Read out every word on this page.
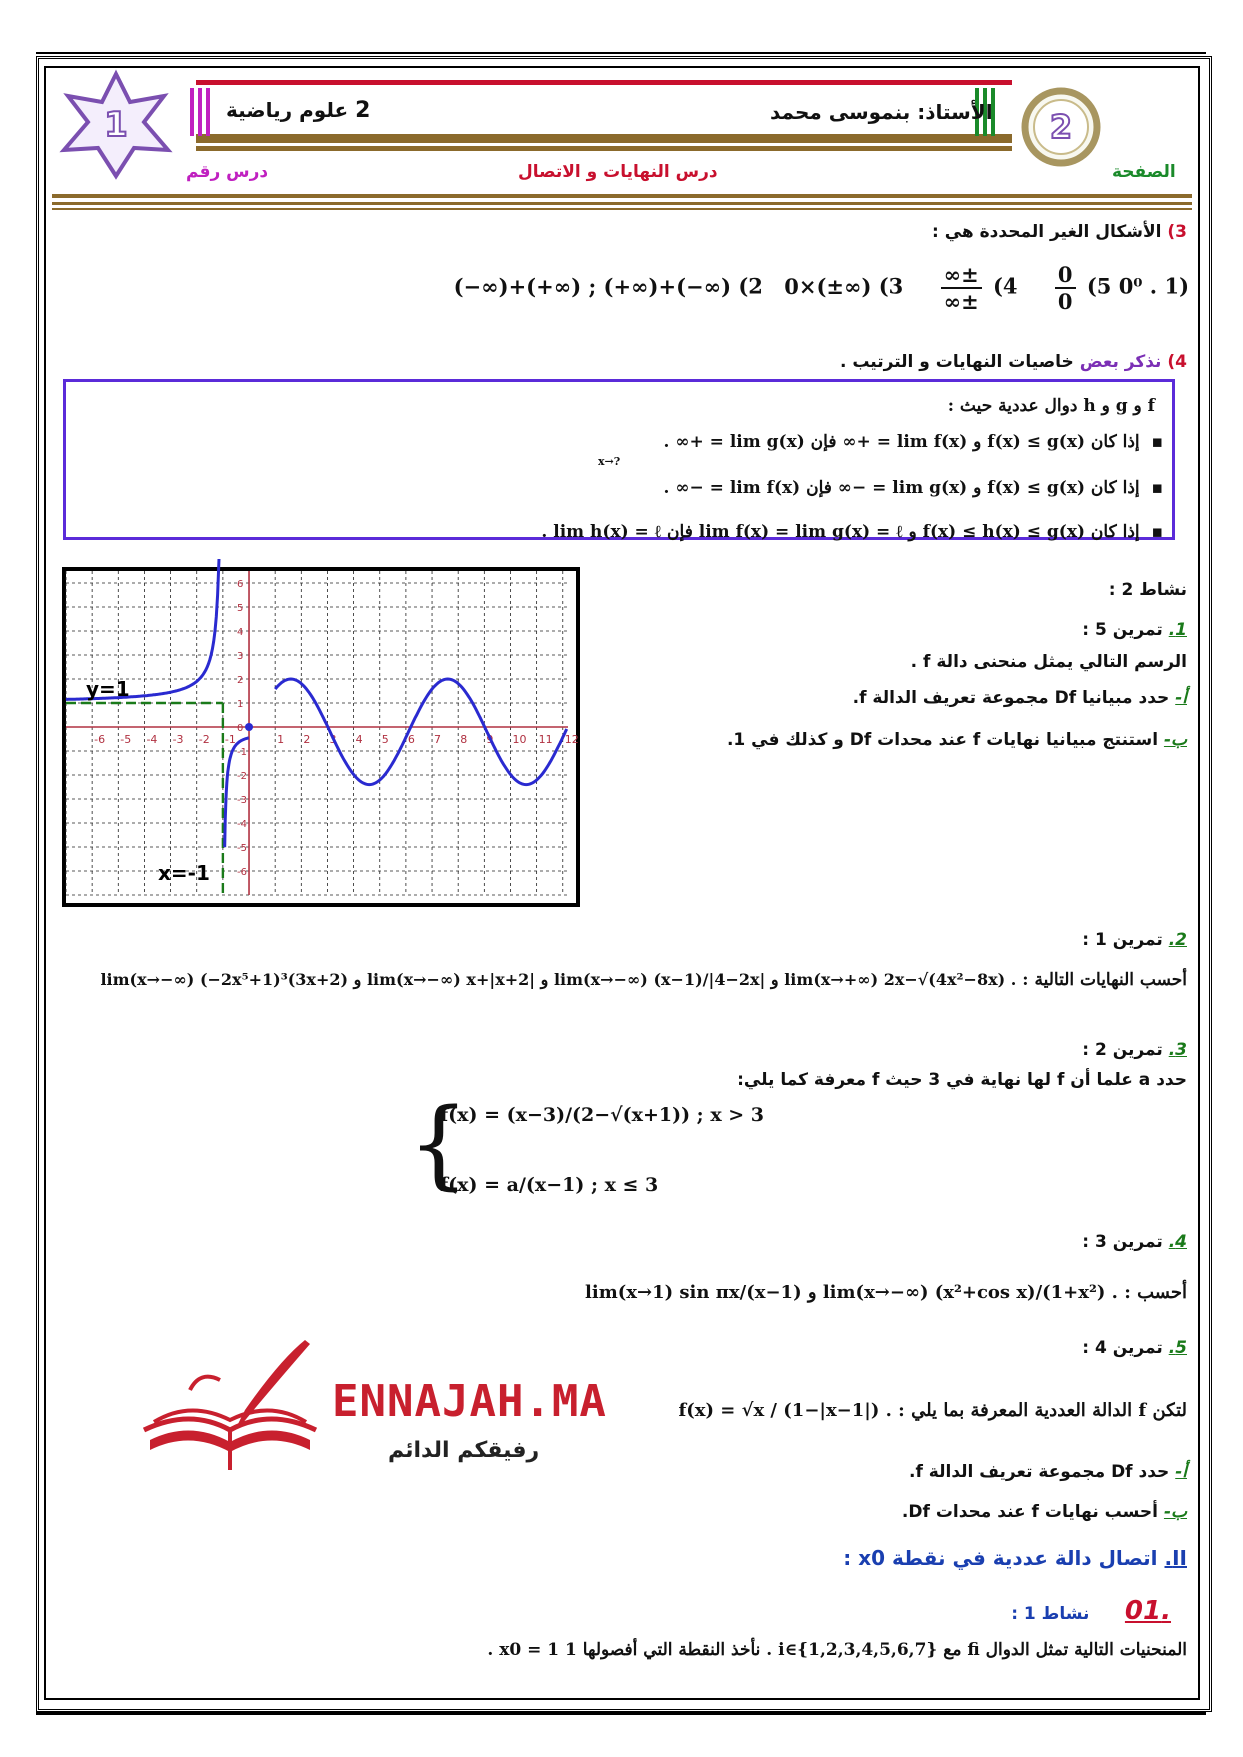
1	2
2 علوم رياضية	الأستاذ: بنموسى محمد
درس رقم	درس النهايات و الاتصال	الصفحة
3) الأشكال الغير المحددة هي :
(1 (−∞)+(+∞) ; (+∞)+(−∞) (2 0×(±∞) ($3 \frac{\pm\infty}{\pm\infty} (4 \frac{0}{0} (5$ 0⁰ .
4) نذكر بعض خاصيات النهايات و الترتيب .
f و g و h دوال عددية حيث :
▪  إذا كان f(x) ≤ g(x) و lim f(x) = +∞ فإن lim g(x) = +∞ .
▪  إذا كان f(x) ≤ g(x) و lim g(x) = −∞ فإن lim f(x) = −∞ .
▪  إذا كان f(x) ≤ h(x) ≤ g(x) و lim f(x) = lim g(x) = ℓ فإن lim h(x) = ℓ .
x→?
نشاط 2 :
1. تمرين 5 :
الرسم التالي يمثل منحنى دالة f .
أ- حدد مبيانيا Df مجموعة تعريف الدالة f.
ب- استنتج مبيانيا نهايات f عند محدات Df و كذلك في 1.
-6 -5 -4 -3 -2 -1	1 2 3 4 5 6 7 8 9 10 11 12
6
5
4
3
2
1
0
-1
-2
-3
-4
-5
-6
y=1
x=-1
2. تمرين 1 :
أحسب النهايات التالية : lim(x→−∞) (−2x⁵+1)³(3x+2) و lim(x→−∞) x+|x+2| و lim(x→−∞) (x−1)/|4−2x| و lim(x→+∞) 2x−√(4x²−8x) .
3. تمرين 2 :
حدد a علما أن f لها نهاية في 3 حيث f معرفة كما يلي:
{
f(x) = (x−3)/(2−√(x+1)) ; x > 3
f(x) = a/(x−1) ; x ≤ 3
4. تمرين 3 :
أحسب : lim(x→1) sin πx/(x−1) و lim(x→−∞) (x²+cos x)/(1+x²) .
5. تمرين 4 :
لتكن f الدالة العددية المعرفة بما يلي : f(x) = √x / (1−|x−1|) .
أ- حدد Df مجموعة تعريف الدالة f.
ب- أحسب نهايات f عند محدات Df.
ENNAJAH.MA
رفيقكم الدائم
II. اتصال دالة عددية في نقطة x0 :
.01      نشاط 1 :
المنحنيات التالية تمثل الدوال fi مع i∈{1,2,3,4,5,6,7} . نأخذ النقطة التي أفصولها 1 x0 = 1 .
